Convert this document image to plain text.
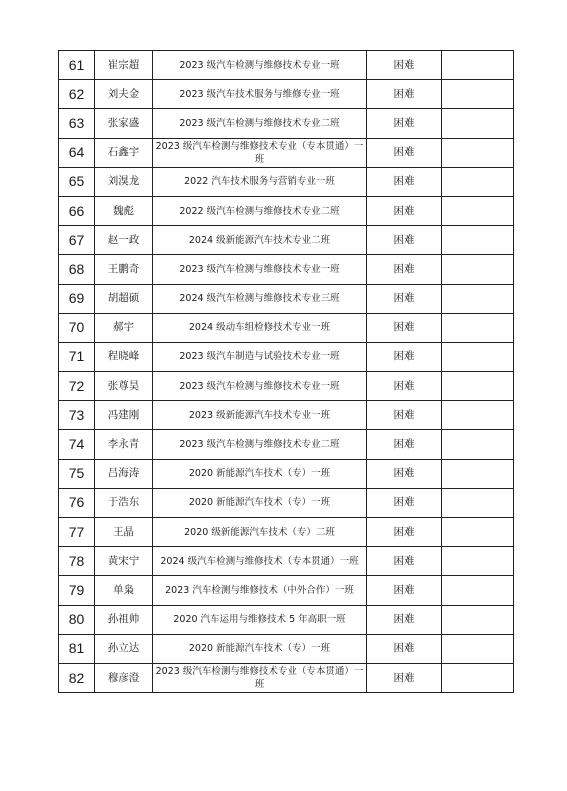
61	崔宗超	2023 级汽车检测与维修技术专业一班	困难	
62	刘夫金	2023 级汽车技术服务与维修专业一班	困难	
63	张家盛	2023 级汽车检测与维修技术专业二班	困难	
64	石鑫宇	2023 级汽车检测与维修技术专业（专本贯通）一班	困难	
65	刘湨龙	2022 汽车技术服务与营销专业一班	困难	
66	魏彪	2022 级汽车检测与维修技术专业二班	困难	
67	赵一政	2024 级新能源汽车技术专业二班	困难	
68	王鹏奇	2023 级汽车检测与维修技术专业一班	困难	
69	胡超硕	2024 级汽车检测与维修技术专业三班	困难	
70	郝宇	2024 级动车组检修技术专业一班	困难	
71	程晓峰	2023 级汽车制造与试验技术专业一班	困难	
72	张尊昊	2023 级汽车检测与维修技术专业一班	困难	
73	冯建刚	2023 级新能源汽车技术专业一班	困难	
74	李永青	2023 级汽车检测与维修技术专业二班	困难	
75	吕海涛	2020 新能源汽车技术（专）一班	困难	
76	于浩东	2020 新能源汽车技术（专）一班	困难	
77	王晶	2020 级新能源汽车技术（专）二班	困难	
78	黄宋宁	2024 级汽车检测与维修技术（专本贯通）一班	困难	
79	单枭	2023 汽车检测与维修技术（中外合作）一班	困难	
80	孙祖帅	2020 汽车运用与维修技术 5 年高职一班	困难	
81	孙立达	2020 新能源汽车技术（专）一班	困难	
82	穆彦澄	2023 级汽车检测与维修技术专业（专本贯通）一班	困难	
